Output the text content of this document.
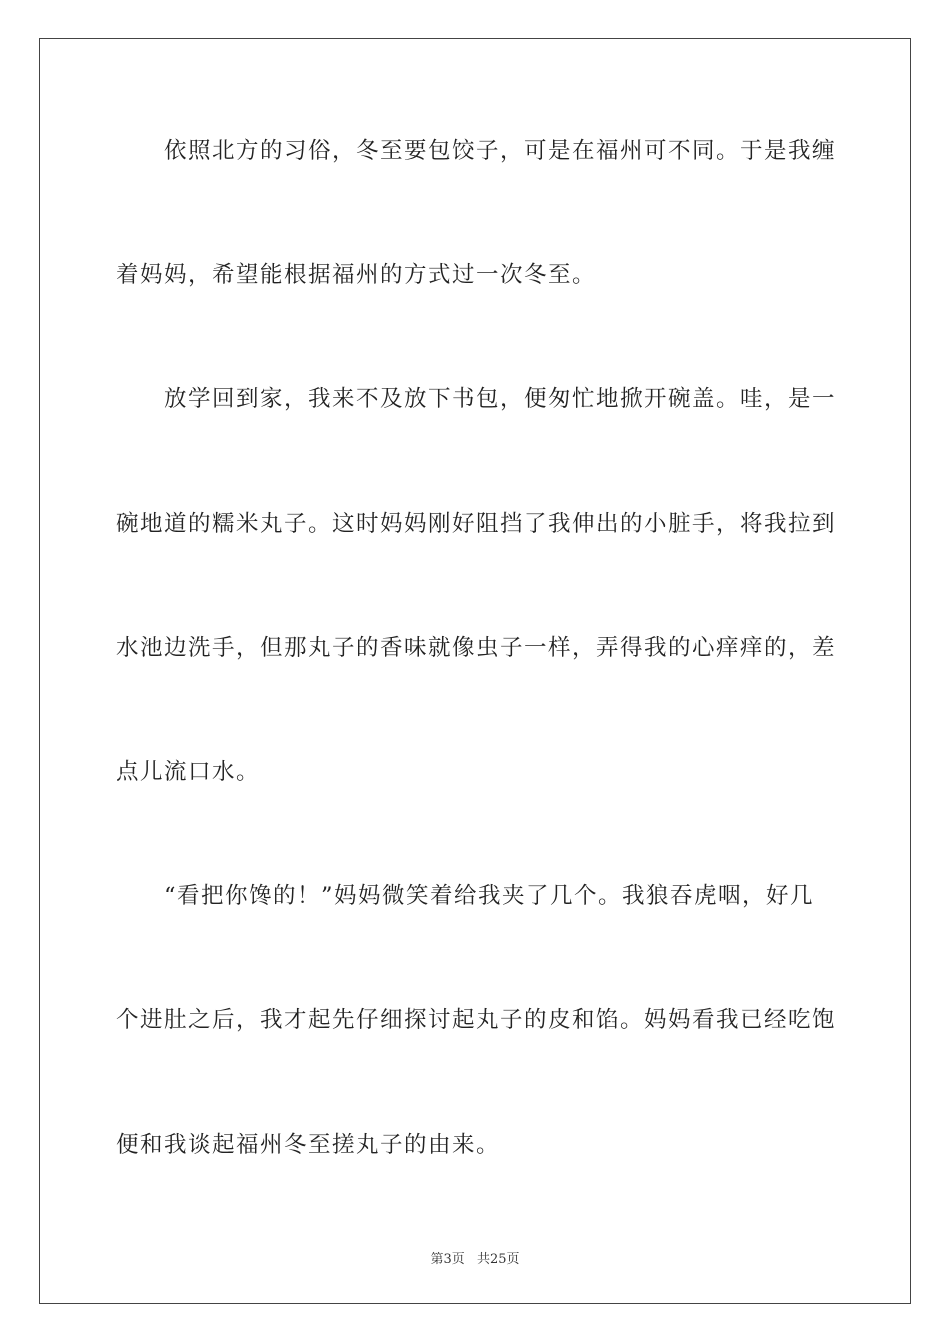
　　依照北方的习俗，冬至要包饺子，可是在福州可不同。于是我缠
着妈妈，希望能根据福州的方式过一次冬至。
　　放学回到家，我来不及放下书包，便匆忙地掀开碗盖。哇，是一
碗地道的糯米丸子。这时妈妈刚好阻挡了我伸出的小脏手，将我拉到
水池边洗手，但那丸子的香味就像虫子一样，弄得我的心痒痒的，差
点儿流口水。
　　“看把你馋的！”妈妈微笑着给我夹了几个。我狼吞虎咽，好几
个进肚之后，我才起先仔细探讨起丸子的皮和馅。妈妈看我已经吃饱
便和我谈起福州冬至搓丸子的由来。
第3页 共25页
